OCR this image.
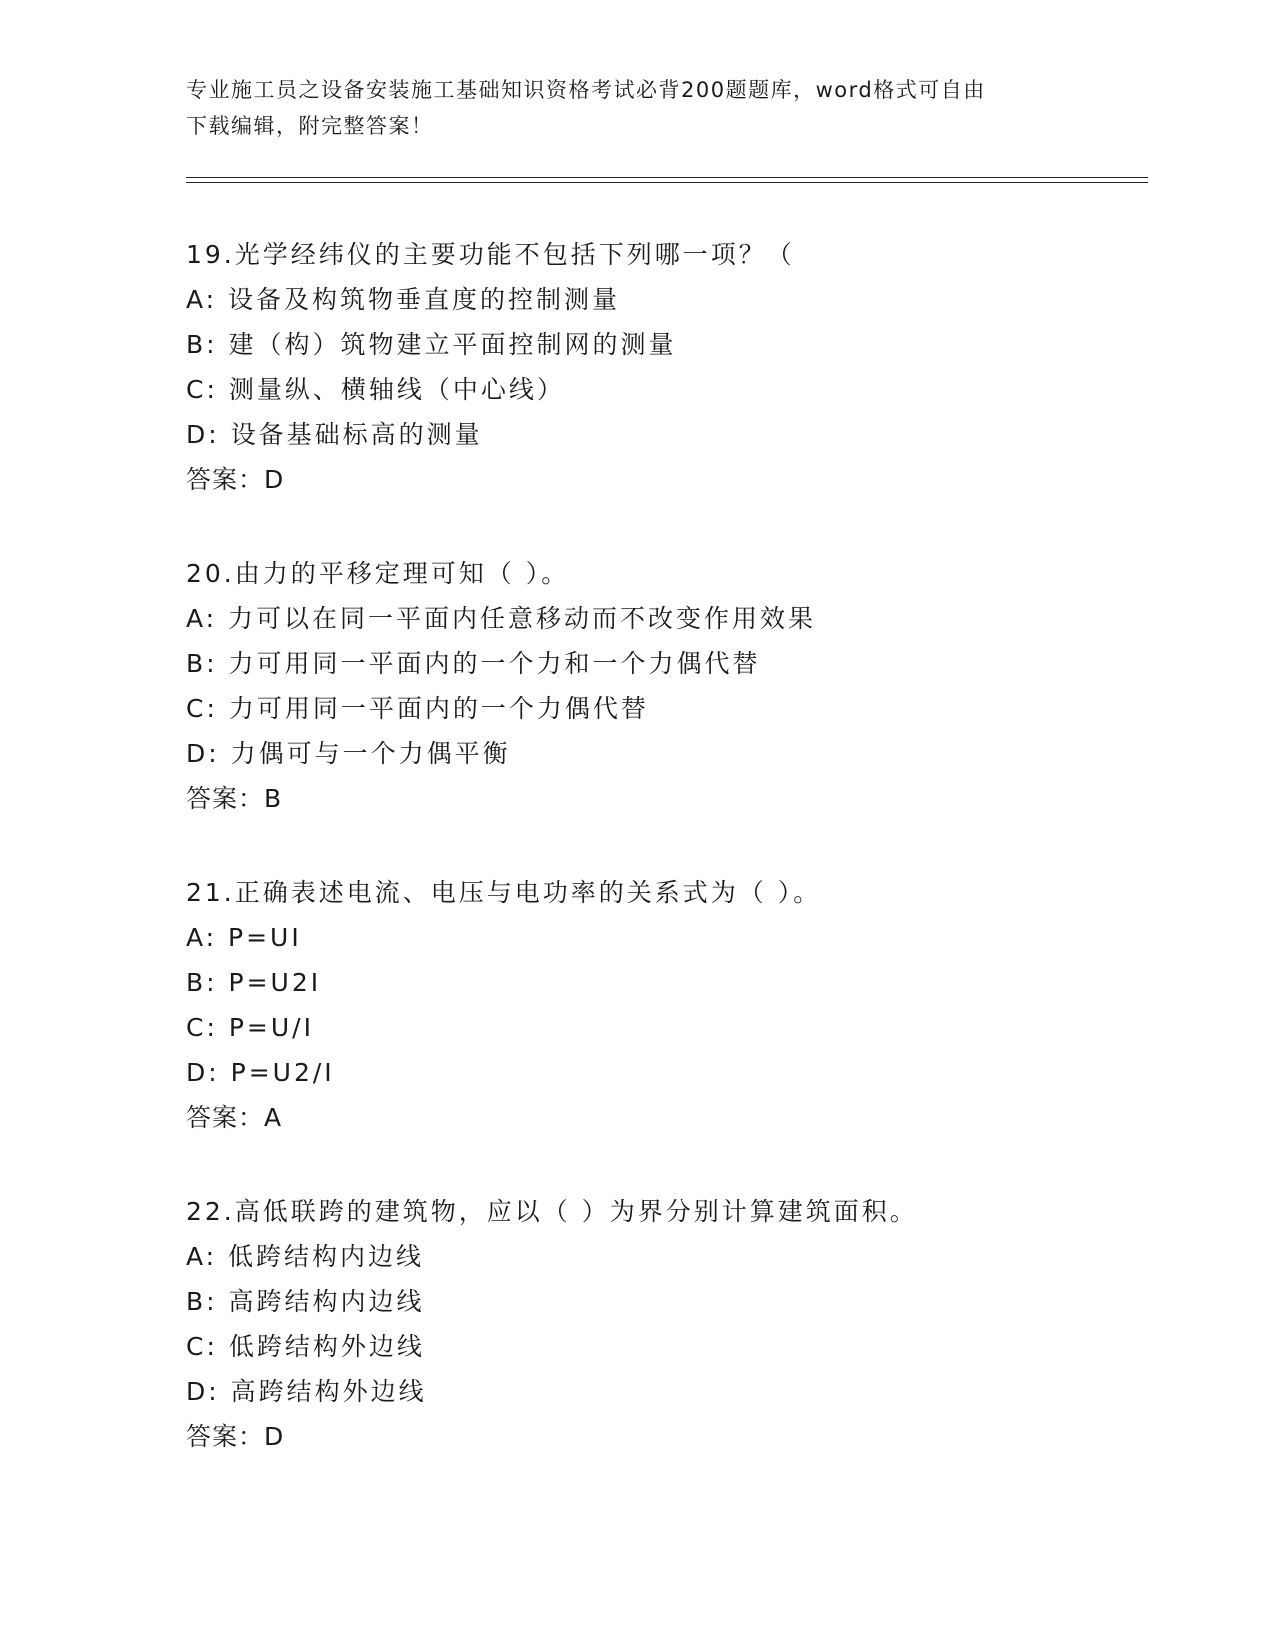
专业施工员之设备安装施工基础知识资格考试必背200题题库，word格式可自由
下载编辑，附完整答案！
19.光学经纬仪的主要功能不包括下列哪一项？（
A: 设备及构筑物垂直度的控制测量
B: 建（构）筑物建立平面控制网的测量
C: 测量纵、横轴线（中心线）
D: 设备基础标高的测量
答案：D
20.由力的平移定理可知（ ）。
A: 力可以在同一平面内任意移动而不改变作用效果
B: 力可用同一平面内的一个力和一个力偶代替
C: 力可用同一平面内的一个力偶代替
D: 力偶可与一个力偶平衡
答案：B
21.正确表述电流、电压与电功率的关系式为（ ）。
A: P=UI
B: P=U2I
C: P=U/I
D: P=U2/I
答案：A
22.高低联跨的建筑物，应以（ ）为界分别计算建筑面积。
A: 低跨结构内边线
B: 高跨结构内边线
C: 低跨结构外边线
D: 高跨结构外边线
答案：D
